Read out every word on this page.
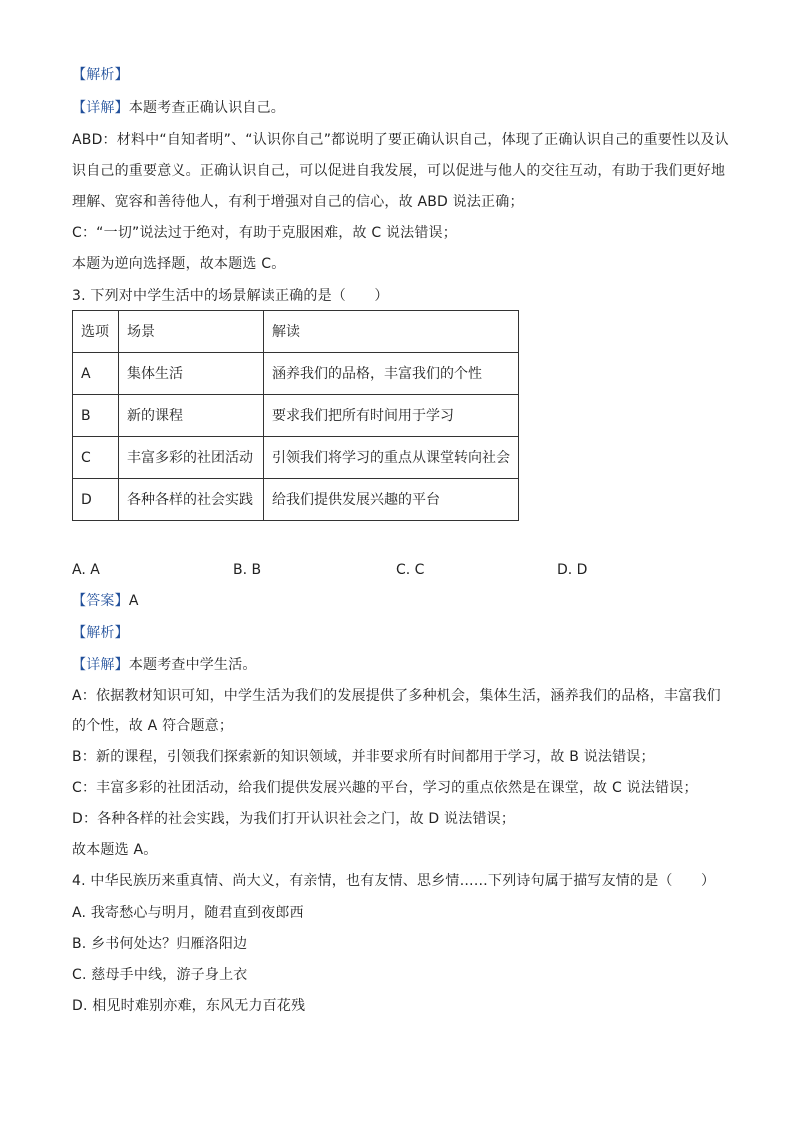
【解析】
【详解】本题考查正确认识自己。
ABD：材料中“自知者明”、“认识你自己”都说明了要正确认识自己，体现了正确认识自己的重要性以及认
识自己的重要意义。正确认识自己，可以促进自我发展，可以促进与他人的交往互动，有助于我们更好地
理解、宽容和善待他人，有利于增强对自己的信心，故 ABD 说法正确；
C：“一切”说法过于绝对，有助于克服困难，故 C 说法错误；
本题为逆向选择题，故本题选 C。
3. 下列对中学生活中的场景解读正确的是（　　）
选项	场景	解读
A	集体生活	涵养我们的品格，丰富我们的个性
B	新的课程	要求我们把所有时间用于学习
C	丰富多彩的社团活动	引领我们将学习的重点从课堂转向社会
D	各种各样的社会实践	给我们提供发展兴趣的平台
A. A	B. B	C. C	D. D
【答案】A
【解析】
【详解】本题考查中学生活。
A：依据教材知识可知，中学生活为我们的发展提供了多种机会，集体生活，涵养我们的品格，丰富我们
的个性，故 A 符合题意；
B：新的课程，引领我们探索新的知识领域，并非要求所有时间都用于学习，故 B 说法错误；
C：丰富多彩的社团活动，给我们提供发展兴趣的平台，学习的重点依然是在课堂，故 C 说法错误；
D：各种各样的社会实践，为我们打开认识社会之门，故 D 说法错误；
故本题选 A。
4. 中华民族历来重真情、尚大义，有亲情，也有友情、思乡情……下列诗句属于描写友情的是（　　）
A. 我寄愁心与明月，随君直到夜郎西
B. 乡书何处达？归雁洛阳边
C. 慈母手中线，游子身上衣
D. 相见时难别亦难，东风无力百花残
